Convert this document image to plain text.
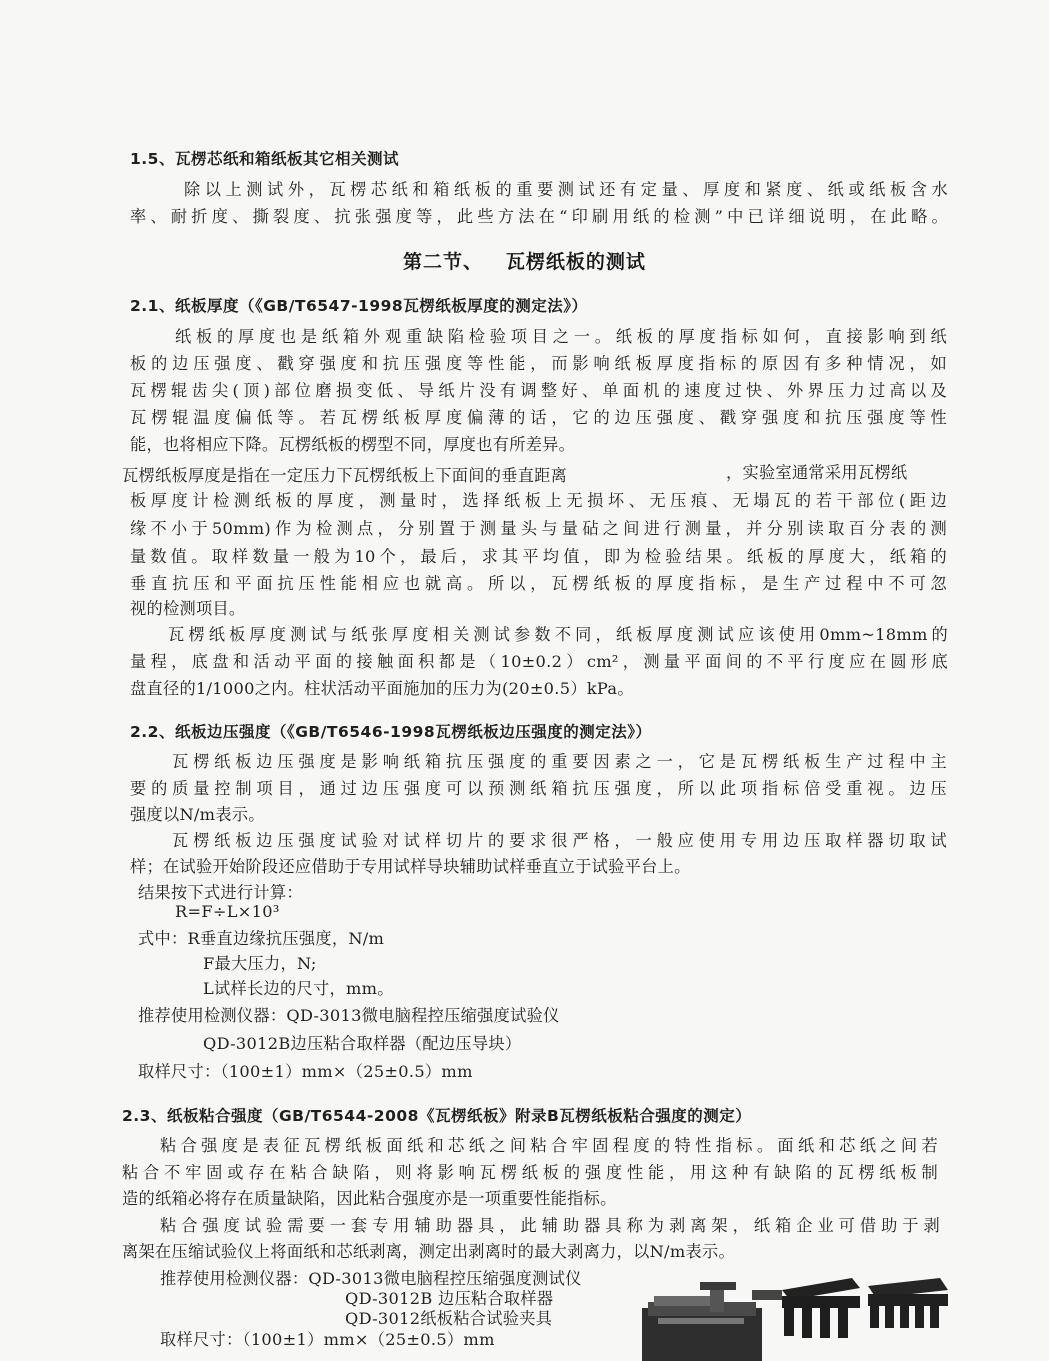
1.5、瓦楞芯纸和箱纸板其它相关测试
除以上测试外，瓦楞芯纸和箱纸板的重要测试还有定量、厚度和紧度、纸或纸板含水
率、耐折度、撕裂度、抗张强度等，此些方法在“印刷用纸的检测”中已详细说明，在此略。
第二节、   瓦楞纸板的测试
2.1、纸板厚度（《GB/T6547-1998瓦楞纸板厚度的测定法》）
纸板的厚度也是纸箱外观重缺陷检验项目之一。纸板的厚度指标如何，直接影响到纸
板的边压强度、戳穿强度和抗压强度等性能，而影响纸板厚度指标的原因有多种情况，如
瓦楞辊齿尖(顶)部位磨损变低、导纸片没有调整好、单面机的速度过快、外界压力过高以及
瓦楞辊温度偏低等。若瓦楞纸板厚度偏薄的话，它的边压强度、戳穿强度和抗压强度等性
能，也将相应下降。瓦楞纸板的楞型不同，厚度也有所差异。
瓦楞纸板厚度是指在一定压力下瓦楞纸板上下面间的垂直距离	，实验室通常采用瓦楞纸
板厚度计检测纸板的厚度，测量时，选择纸板上无损坏、无压痕、无塌瓦的若干部位(距边
缘不小于50mm)作为检测点，分别置于测量头与量砧之间进行测量，并分别读取百分表的测
量数值。取样数量一般为10个，最后，求其平均值，即为检验结果。纸板的厚度大，纸箱的
垂直抗压和平面抗压性能相应也就高。所以，瓦楞纸板的厚度指标，是生产过程中不可忽
视的检测项目。
瓦楞纸板厚度测试与纸张厚度相关测试参数不同，纸板厚度测试应该使用0mm~18mm的
量程，底盘和活动平面的接触面积都是（10±0.2）cm²，测量平面间的不平行度应在圆形底
盘直径的1/1000之内。柱状活动平面施加的压力为(20±0.5）kPa。
2.2、纸板边压强度（《GB/T6546-1998瓦楞纸板边压强度的测定法》）
瓦楞纸板边压强度是影响纸箱抗压强度的重要因素之一，它是瓦楞纸板生产过程中主
要的质量控制项目，通过边压强度可以预测纸箱抗压强度，所以此项指标倍受重视。边压
强度以N/m表示。
瓦楞纸板边压强度试验对试样切片的要求很严格，一般应使用专用边压取样器切取试
样；在试验开始阶段还应借助于专用试样导块辅助试样垂直立于试验平台上。
结果按下式进行计算：
R=F÷L×10³
式中：R垂直边缘抗压强度，N/m
F最大压力，N;
L试样长边的尺寸，mm。
推荐使用检测仪器：QD-3013微电脑程控压缩强度试验仪
QD-3012B边压粘合取样器（配边压导块）
取样尺寸：（100±1）mm×（25±0.5）mm
2.3、纸板粘合强度（GB/T6544-2008《瓦楞纸板》附录B瓦楞纸板粘合强度的测定）
粘合强度是表征瓦楞纸板面纸和芯纸之间粘合牢固程度的特性指标。面纸和芯纸之间若
粘合不牢固或存在粘合缺陷，则将影响瓦楞纸板的强度性能，用这种有缺陷的瓦楞纸板制
造的纸箱必将存在质量缺陷，因此粘合强度亦是一项重要性能指标。
粘合强度试验需要一套专用辅助器具，此辅助器具称为剥离架，纸箱企业可借助于剥
离架在压缩试验仪上将面纸和芯纸剥离，测定出剥离时的最大剥离力，以N/m表示。
推荐使用检测仪器：QD-3013微电脑程控压缩强度测试仪
QD-3012B 边压粘合取样器
QD-3012纸板粘合试验夹具
取样尺寸：（100±1）mm×（25±0.5）mm
